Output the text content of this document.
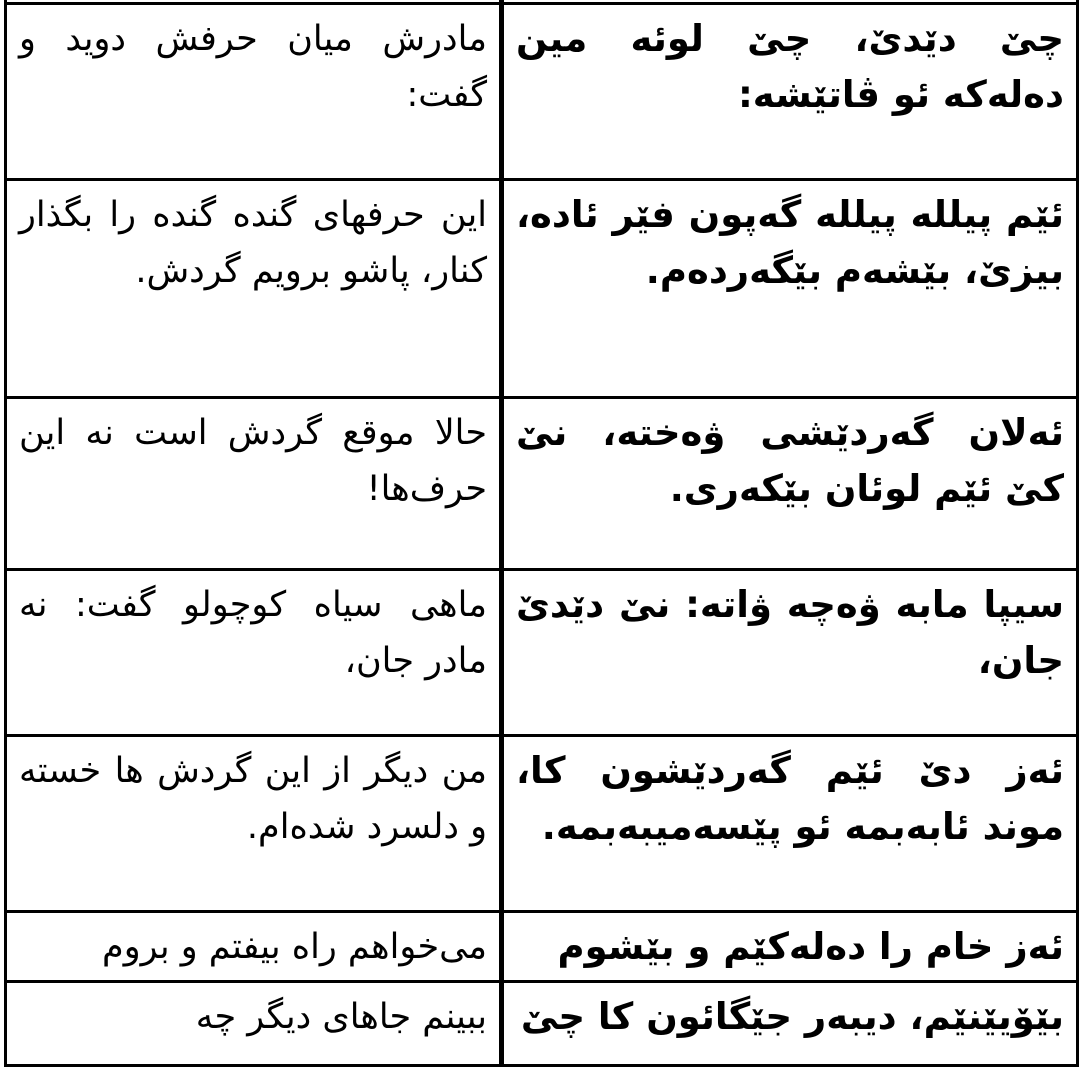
چێ دێدێ، چێ لوئه مین دەلەکە ئو ڤاتێشه:	مادرش میان حرفش دوید و گفت:
ئێم پیلله پیلله گەپون فێر ئاده، بیزێ، بێشەم بێگەردەم.	این حرفهای گنده گنده را بگذار کنار، پاشو برویم گردش.
ئەلان گەردێشی ۋەختە، نێ کێ ئێم لوئان بێکەری.	حالا موقع گردش است نه این حرف‌ها!
سیپا مابە ۋەچە ۋاتە: نێ دێدێ جان،	ماهی سیاه کوچولو گفت: نه مادر جان،
ئەز دێ ئێم گەردێشون کا، موند ئابەبمە ئو پێسەمیبەبمە.	من دیگر از این گردش ها خسته و دلسرد شده‌ام.
ئەز خام را دەلەکێم و بێشوم	می‌خواهم راه بیفتم و بروم
بێۆیێنێم، دیبەر جێگائون کا چێ	ببینم جاهای دیگر چه
